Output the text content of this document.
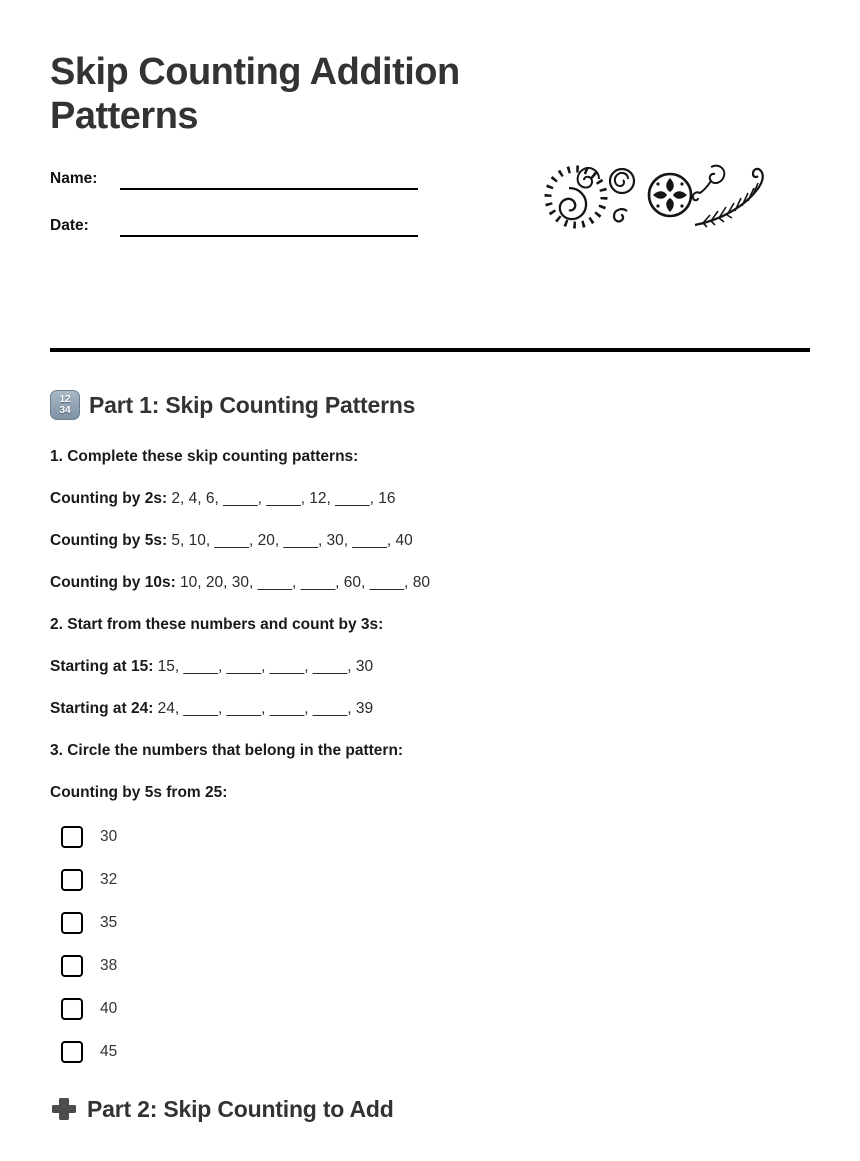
Skip Counting Addition Patterns
Name:
Date:
12
34 Part 1: Skip Counting Patterns

1. Complete these skip counting patterns:

Counting by 2s: 2, 4, 6, ____, ____, 12, ____, 16

Counting by 5s: 5, 10, ____, 20, ____, 30, ____, 40

Counting by 10s: 10, 20, 30, ____, ____, 60, ____, 80

2. Start from these numbers and count by 3s:

Starting at 15: 15, ____, ____, ____, ____, 30

Starting at 24: 24, ____, ____, ____, ____, 39

3. Circle the numbers that belong in the pattern:

Counting by 5s from 25:

30
32
35
38
40
45
Part 2: Skip Counting to Add
